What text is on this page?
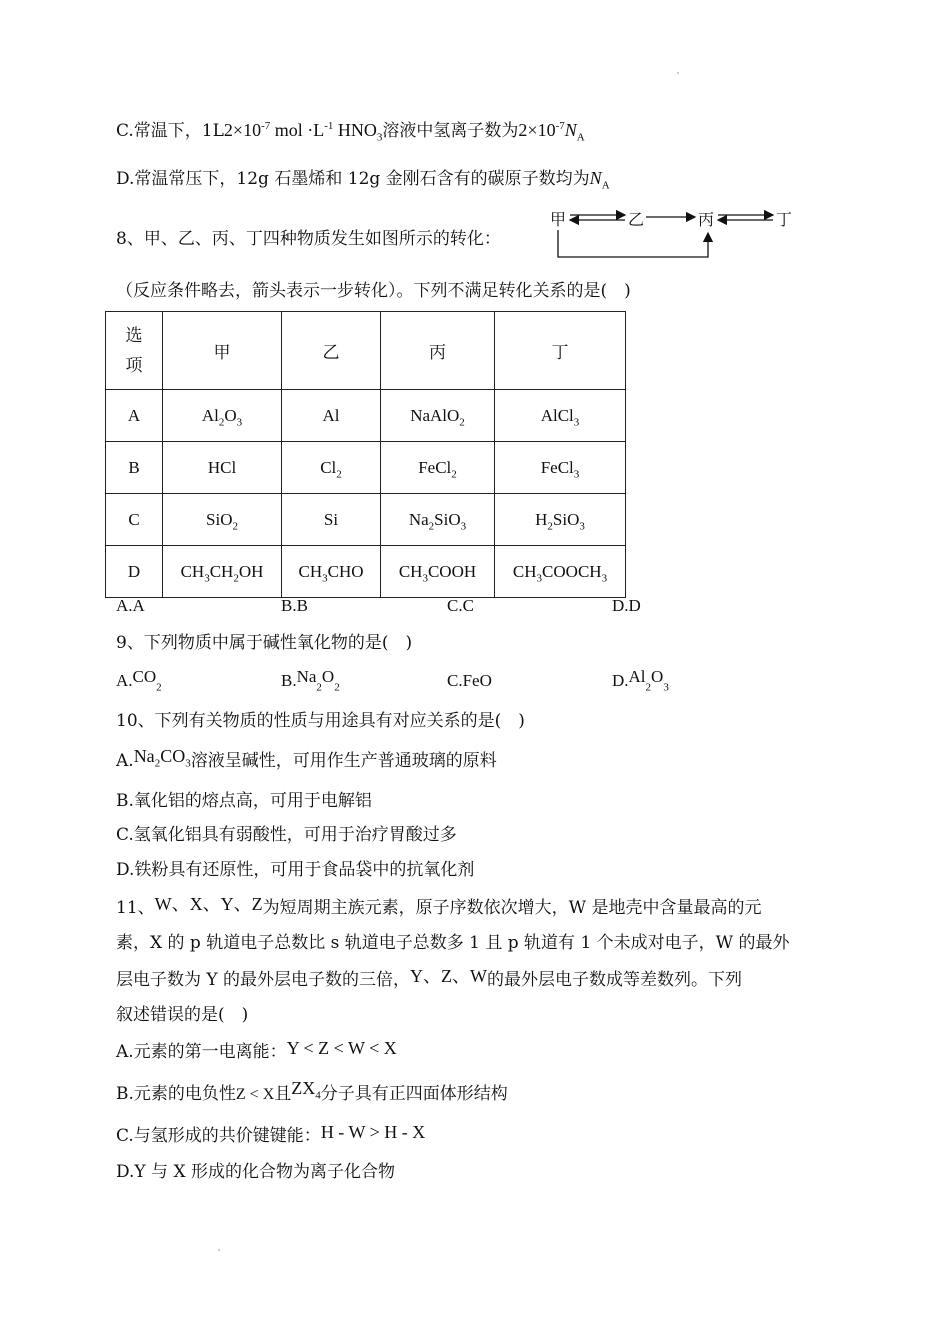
C.常温下，$1L2\times 10^{-7}$ mol $\cdot L^{-1}$ $HNO_3$溶液中氢离子数为$2\times 10^{-7}N_A$
D.常温常压下，12g 石墨烯和 12g 金刚石含有的碳原子数均为$N_A$
8、甲、乙、丙、丁四种物质发生如图所示的转化：
甲	乙	丙	丁
（反应条件略去，箭头表示一步转化）。下列不满足转化关系的是(　)
选
项	甲	乙	丙	丁
A	$Al_2O_3$	Al	NaAlO$_2$	AlCl$_3$
B	HCl	$Cl_2$	FeCl$_2$	FeCl$_3$
C	SiO$_2$	Si	$Na_2SiO_3$	$H_2SiO_3$
D	$CH_3CH_2OH$	$CH_3CHO$	$CH_3COOH$	$CH_3COOCH_3$
A.A	B.B	C.C	D.D
9、下列物质中属于碱性氧化物的是(　)
$A.CO_2$	$B.Na_2O_2$	C.FeO	$D.Al_2O_3$
10、下列有关物质的性质与用途具有对应关系的是(　)
$A.Na_2CO_3$溶液呈碱性，可用作生产普通玻璃的原料
B.氧化铝的熔点高，可用于电解铝
C.氢氧化铝具有弱酸性，可用于治疗胃酸过多
D.铁粉具有还原性，可用于食品袋中的抗氧化剂
11、W、X、Y、Z为短周期主族元素，原子序数依次增大，W 是地壳中含量最高的元
素，X 的 p 轨道电子总数比 s 轨道电子总数多 1 且 p 轨道有 1 个未成对电子，W 的最外
层电子数为 Y 的最外层电子数的三倍，Y、Z、W的最外层电子数成等差数列。下列
叙述错误的是(　)
A.元素的第一电离能：Y < Z < W < X
B.元素的电负性Z < X且$ZX_4$分子具有正四面体形结构
C.与氢形成的共价键键能：H - W > H - X
D.Y 与 X 形成的化合物为离子化合物
